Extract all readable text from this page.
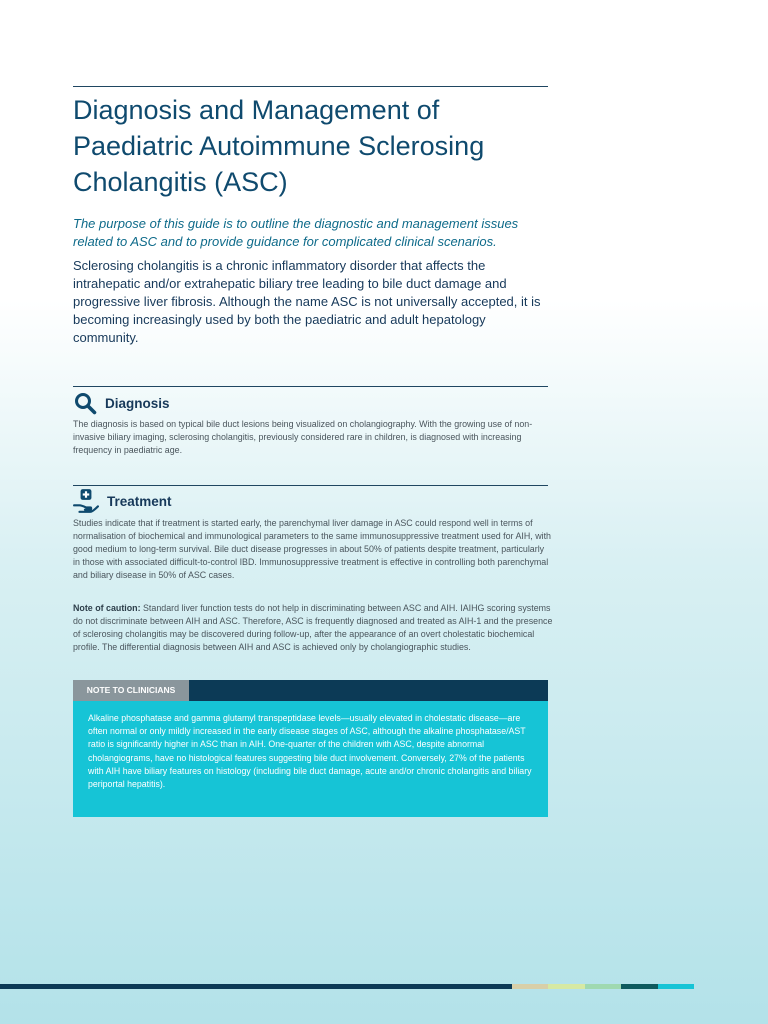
Diagnosis and Management of Paediatric Autoimmune Sclerosing Cholangitis (ASC)

The purpose of this guide is to outline the diagnostic and management issues related to ASC and to provide guidance for complicated clinical scenarios.

Sclerosing cholangitis is a chronic inflammatory disorder that affects the intrahepatic and/or extrahepatic biliary tree leading to bile duct damage and progressive liver fibrosis. Although the name ASC is not universally accepted, it is becoming increasingly used by both the paediatric and adult hepatology community.

Diagnosis

The diagnosis is based on typical bile duct lesions being visualized on cholangiography. With the growing use of non-invasive biliary imaging, sclerosing cholangitis, previously considered rare in children, is diagnosed with increasing frequency in paediatric age.

Treatment

Studies indicate that if treatment is started early, the parenchymal liver damage in ASC could respond well in terms of normalisation of biochemical and immunological parameters to the same immunosuppressive treatment used for AIH, with good medium to long-term survival. Bile duct disease progresses in about 50% of patients despite treatment, particularly in those with associated difficult-to-control IBD. Immunosuppressive treatment is effective in controlling both parenchymal and biliary disease in 50% of ASC cases.

Note of caution: Standard liver function tests do not help in discriminating between ASC and AIH. IAIHG scoring systems do not discriminate between AIH and ASC. Therefore, ASC is frequently diagnosed and treated as AIH-1 and the presence of sclerosing cholangitis may be discovered during follow-up, after the appearance of an overt cholestatic biochemical profile. The differential diagnosis between AIH and ASC is achieved only by cholangiographic studies.

NOTE TO CLINICIANS

Alkaline phosphatase and gamma glutamyl transpeptidase levels—usually elevated in cholestatic disease—are often normal or only mildly increased in the early disease stages of ASC, although the alkaline phosphatase/AST ratio is significantly higher in ASC than in AIH. One-quarter of the children with ASC, despite abnormal cholangiograms, have no histological features suggesting bile duct involvement. Conversely, 27% of the patients with AIH have biliary features on histology (including bile duct damage, acute and/or chronic cholangitis and biliary periportal hepatitis).
